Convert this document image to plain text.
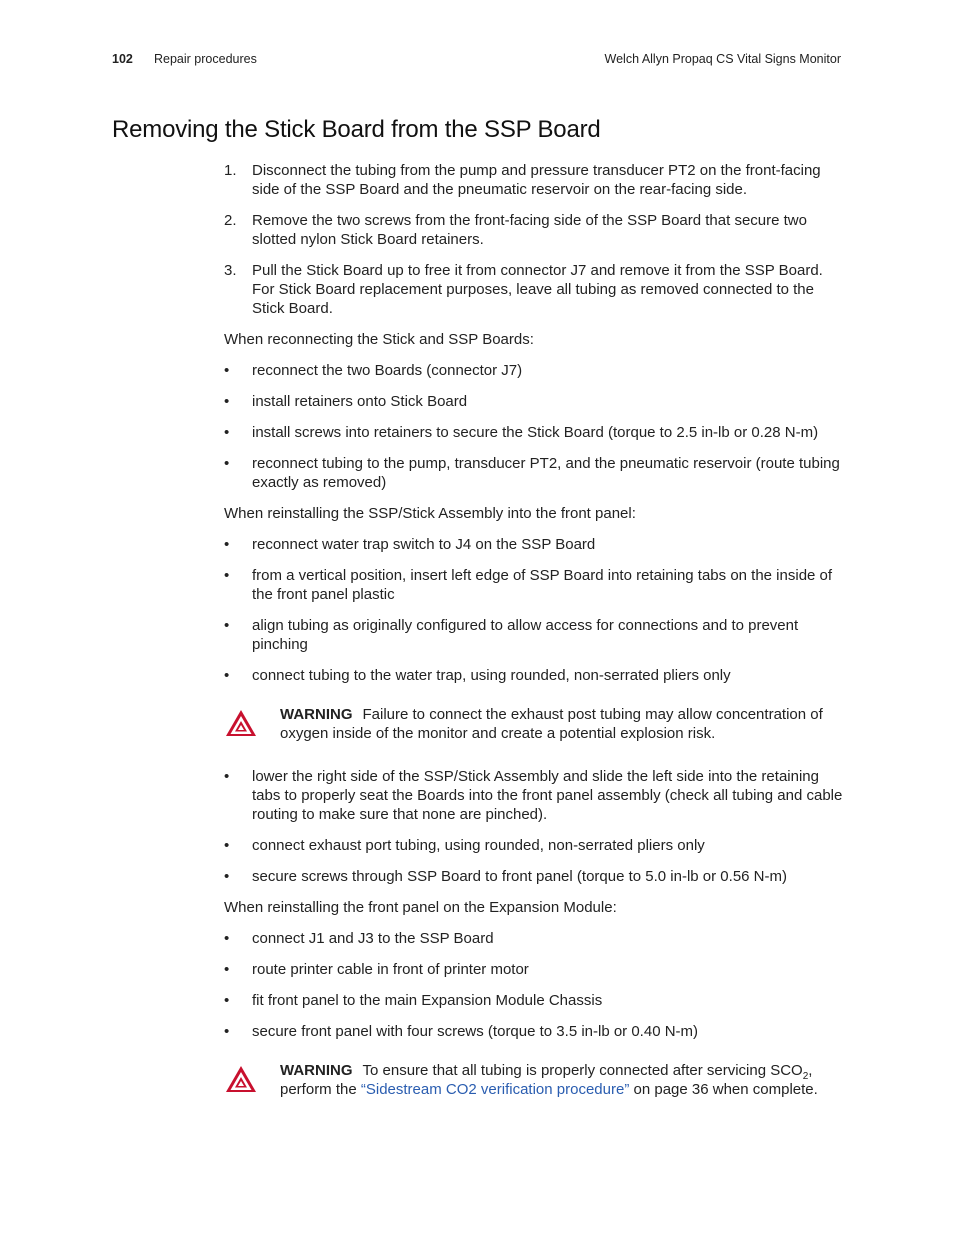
102 Repair procedures	Welch Allyn Propaq CS Vital Signs Monitor
Removing the Stick Board from the SSP Board
1.	Disconnect the tubing from the pump and pressure transducer PT2 on the front-facing side of the SSP Board and the pneumatic reservoir on the rear-facing side.
2.	Remove the two screws from the front-facing side of the SSP Board that secure two slotted nylon Stick Board retainers.
3.	Pull the Stick Board up to free it from connector J7 and remove it from the SSP Board. For Stick Board replacement purposes, leave all tubing as removed connected to the Stick Board.
When reconnecting the Stick and SSP Boards:
•	reconnect the two Boards (connector J7)
•	install retainers onto Stick Board
•	install screws into retainers to secure the Stick Board (torque to 2.5 in-lb or 0.28 N-m)
•	reconnect tubing to the pump, transducer PT2, and the pneumatic reservoir (route tubing exactly as removed)
When reinstalling the SSP/Stick Assembly into the front panel:
•	reconnect water trap switch to J4 on the SSP Board
•	from a vertical position, insert left edge of SSP Board into retaining tabs on the inside of the front panel plastic
•	align tubing as originally configured to allow access for connections and to prevent pinching
•	connect tubing to the water trap, using rounded, non-serrated pliers only
WARNING Failure to connect the exhaust post tubing may allow concentration of oxygen inside of the monitor and create a potential explosion risk.
•	lower the right side of the SSP/Stick Assembly and slide the left side into the retaining tabs to properly seat the Boards into the front panel assembly (check all tubing and cable routing to make sure that none are pinched).
•	connect exhaust port tubing, using rounded, non-serrated pliers only
•	secure screws through SSP Board to front panel (torque to 5.0 in-lb or 0.56 N-m)
When reinstalling the front panel on the Expansion Module:
•	connect J1 and J3 to the SSP Board
•	route printer cable in front of printer motor
•	fit front panel to the main Expansion Module Chassis
•	secure front panel with four screws (torque to 3.5 in-lb or 0.40 N-m)
WARNING To ensure that all tubing is properly connected after servicing $SCO_2$, perform the “Sidestream CO2 verification procedure” on page 36 when complete.
